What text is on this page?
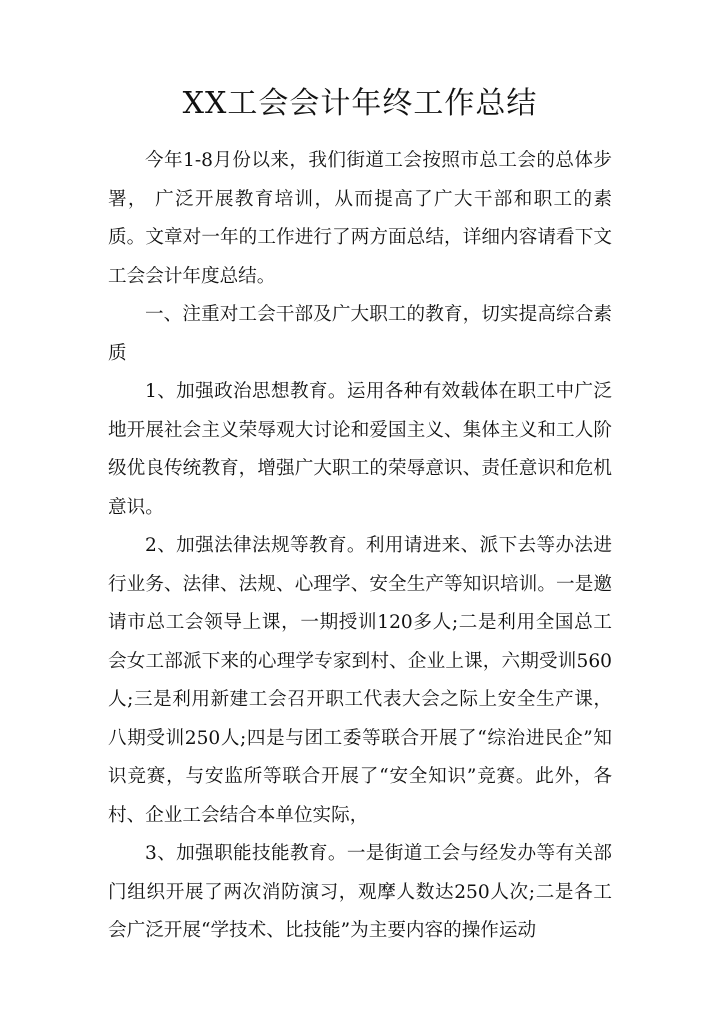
XX工会会计年终工作总结

今年1-8月份以来，我们街道工会按照市总工会的总体步署， 广泛开展教育培训，从而提高了广大干部和职工的素质。文章对一年的工作进行了两方面总结，详细内容请看下文工会会计年度总结。

一、注重对工会干部及广大职工的教育，切实提高综合素质

1、加强政治思想教育。运用各种有效载体在职工中广泛地开展社会主义荣辱观大讨论和爱国主义、集体主义和工人阶级优良传统教育，增强广大职工的荣辱意识、责任意识和危机意识。

2、加强法律法规等教育。利用请进来、派下去等办法进行业务、法律、法规、心理学、安全生产等知识培训。一是邀请市总工会领导上课，一期授训120多人;二是利用全国总工会女工部派下来的心理学专家到村、企业上课，六期受训560人;三是利用新建工会召开职工代表大会之际上安全生产课，八期受训250人;四是与团工委等联合开展了“综治进民企”知识竞赛，与安监所等联合开展了“安全知识”竞赛。此外，各村、企业工会结合本单位实际，

3、加强职能技能教育。一是街道工会与经发办等有关部门组织开展了两次消防演习，观摩人数达250人次;二是各工会广泛开展“学技术、比技能”为主要内容的操作运动
